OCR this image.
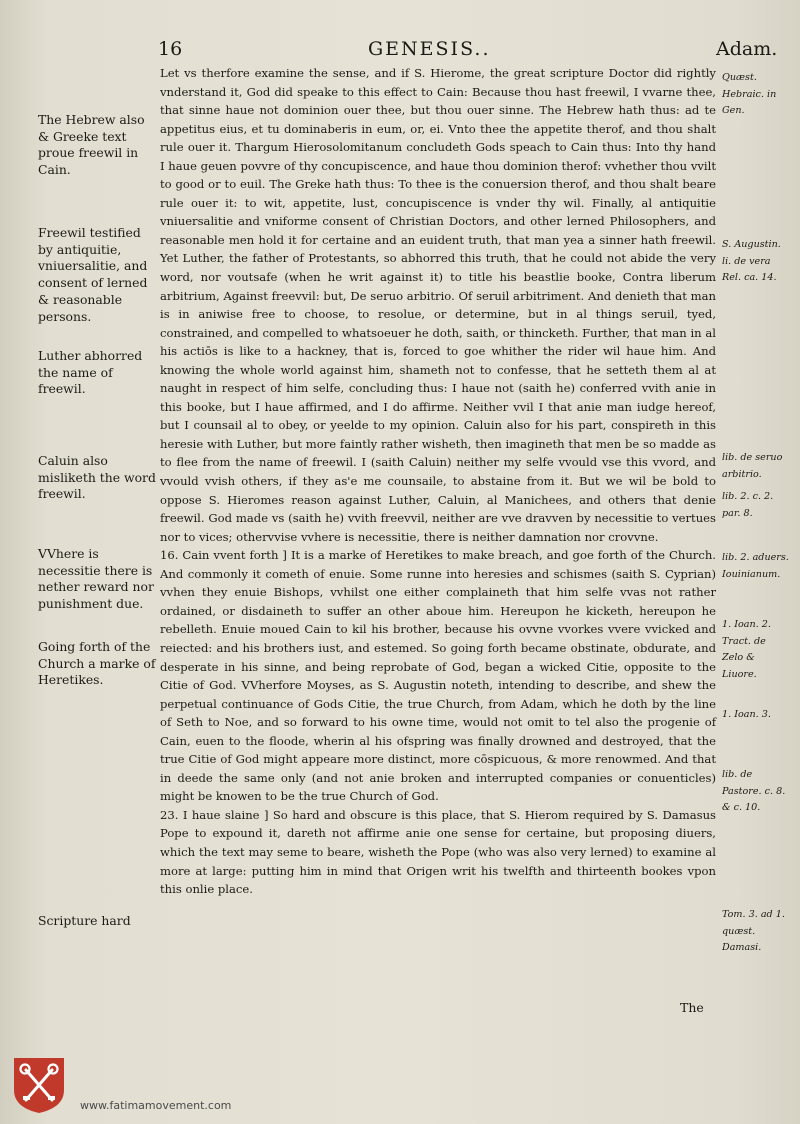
16	GENESIS..	Adam.
The Hebrew also & Greeke text proue freewil in Cain.
Freewil testified by antiquitie, vniuersalitie, and consent of lerned & reasonable persons.
Luther abhorred the name of freewil.
Caluin also misliketh the word freewil.
VVhere is necessitie there is nether reward nor punishment due.
Going forth of the Church a marke of Heretikes.
Scripture hard

Let vs therfore examine the sense, and if S. Hierome, the great scripture Doctor did rightly vnderstand it, God did speake to this effect to Cain: Because thou hast freewil, I vvarne thee, that sinne haue not dominion ouer thee, but thou ouer sinne. The Hebrew hath thus: ad te appetitus eius, et tu dominaberis in eum, or, ei. Vnto thee the appetite therof, and thou shalt rule ouer it. Thargum Hierosolomitanum concludeth Gods speach to Cain thus: Into thy hand I haue geuen povvre of thy concupiscence, and haue thou dominion therof: vvhether thou vvilt to good or to euil. The Greke hath thus: To thee is the conuersion therof, and thou shalt beare rule ouer it: to wit, appetite, lust, concupiscence is vnder thy wil. Finally, al antiquitie vniuersalitie and vniforme consent of Christian Doctors, and other lerned Philosophers, and reasonable men hold it for certaine and an euident truth, that man yea a sinner hath freewil. Yet Luther, the father of Protestants, so abhorred this truth, that he could not abide the very word, nor voutsafe (when he writ against it) to title his beastlie booke, Contra liberum arbitrium, Against freevvil: but, De seruo arbitrio. Of seruil arbitriment. And denieth that man is in aniwise free to choose, to resolue, or determine, but in al things seruil, tyed, constrained, and compelled to whatsoeuer he doth, saith, or thincketh. Further, that man in al his actiōs is like to a hackney, that is, forced to goe whither the rider wil haue him. And knowing the whole world against him, shameth not to confesse, that he setteth them al at naught in respect of him selfe, concluding thus: I haue not (saith he) conferred vvith anie in this booke, but I haue affirmed, and I do affirme. Neither vvil I that anie man iudge hereof, but I counsail al to obey, or yeelde to my opinion. Caluin also for his part, conspireth in this heresie with Luther, but more faintly rather wisheth, then imagineth that men be so madde as to flee from the name of freewil. I (saith Caluin) neither my selfe vvould vse this vvord, and vvould vvish others, if they as'e me counsaile, to abstaine from it. But we wil be bold to oppose S. Hieromes reason against Luther, Caluin, al Manichees, and others that denie freewil. God made vs (saith he) vvith freevvil, neither are vve dravven by necessitie to vertues nor to vices; othervvise vvhere is necessitie, there is neither damnation nor crovvne.

16. Cain vvent forth ] It is a marke of Heretikes to make breach, and goe forth of the Church. And commonly it cometh of enuie. Some runne into heresies and schismes (saith S. Cyprian) vvhen they enuie Bishops, vvhilst one either complaineth that him selfe vvas not rather ordained, or disdaineth to suffer an other aboue him. Hereupon he kicketh, hereupon he rebelleth. Enuie moued Cain to kil his brother, because his ovvne vvorkes vvere vvicked and reiected: and his brothers iust, and estemed. So going forth became obstinate, obdurate, and desperate in his sinne, and being reprobate of God, began a wicked Citie, opposite to the Citie of God. VVherfore Moyses, as S. Augustin noteth, intending to describe, and shew the perpetual continuance of Gods Citie, the true Church, from Adam, which he doth by the line of Seth to Noe, and so forward to his owne time, would not omit to tel also the progenie of Cain, euen to the floode, wherin al his ofspring was finally drowned and destroyed, that the true Citie of God might appeare more distinct, more cōspicuous, & more renowmed. And that in deede the same only (and not anie broken and interrupted companies or conuenticles) might be knowen to be the true Church of God.

23. I haue slaine ] So hard and obscure is this place, that S. Hierom required by S. Damasus Pope to expound it, dareth not affirme anie one sense for certaine, but proposing diuers, which the text may seme to beare, wisheth the Pope (who was also very lerned) to examine al more at large: putting him in mind that Origen writ his twelfth and thirteenth bookes vpon this onlie place.

Quæst. Hebraic. in Gen.
S. Augustin. li. de vera Rel. ca. 14.
lib. de seruo arbitrio.
lib. 2. c. 2. par. 8.
lib. 2. aduers. Iouinianum.
1. Ioan. 2. Tract. de Zelo & Liuore.
1. Ioan. 3.
lib. de Pastore. c. 8. & c. 10.
Tom. 3. ad 1. quæst. Damasi.
The
www.fatimamovement.com
